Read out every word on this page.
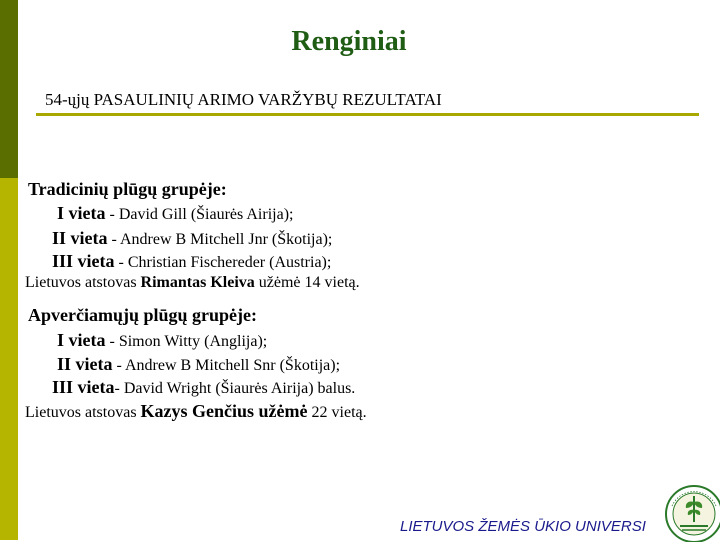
Renginiai
54-ųjų PASAULINIŲ ARIMO VARŽYBŲ REZULTATAI
Tradicinių plūgų grupėje:
I vieta - David Gill (Šiaurės Airija);
II vieta - Andrew B Mitchell Jnr (Škotija);
III vieta - Christian Fischereder (Austria);
Lietuvos atstovas Rimantas Kleiva užėmė 14 vietą.
Apverčiamųjų plūgų grupėje:
I vieta - Simon Witty (Anglija);
II vieta - Andrew B Mitchell Snr (Škotija);
III vieta- David Wright (Šiaurės Airija) balus.
Lietuvos atstovas Kazys Genčius užėmė 22 vietą.
LIETUVOS ŽEMĖS ŪKIO UNIVERSI
